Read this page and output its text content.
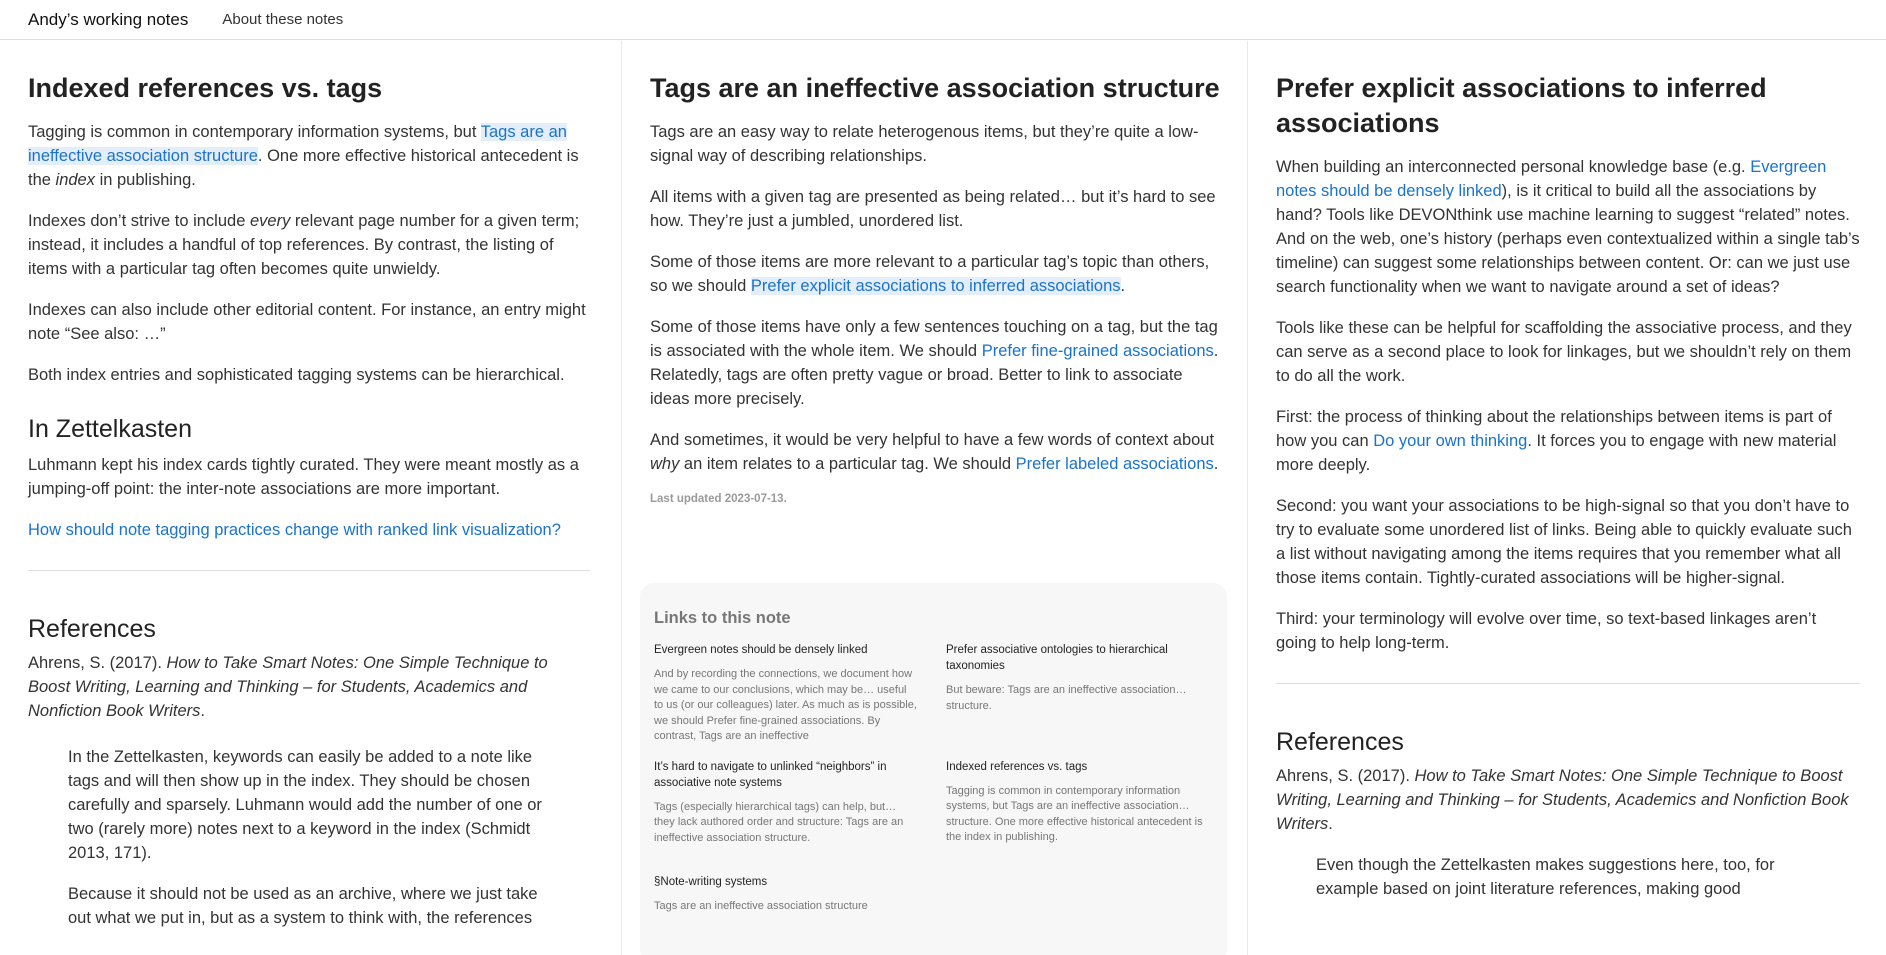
Andy’s working notes About these notes
Indexed references vs. tags

Tagging is common in contemporary information systems, but Tags are an ineffective association structure. One more effective historical antecedent is the index in publishing.

Indexes don’t strive to include every relevant page number for a given term; instead, it includes a handful of top references. By contrast, the listing of items with a particular tag often becomes quite unwieldy.

Indexes can also include other editorial content. For instance, an entry might note “See also: …”

Both index entries and sophisticated tagging systems can be hierarchical.

In Zettelkasten

Luhmann kept his index cards tightly curated. They were meant mostly as a jumping-off point: the inter-note associations are more important.

How should note tagging practices change with ranked link visualization?

References

Ahrens, S. (2017). How to Take Smart Notes: One Simple Technique to Boost Writing, Learning and Thinking – for Students, Academics and Nonfiction Book Writers.

In the Zettelkasten, keywords can easily be added to a note like tags and will then show up in the index. They should be chosen carefully and sparsely. Luhmann would add the number of one or two (rarely more) notes next to a keyword in the index (Schmidt 2013, 171).

Because it should not be used as an archive, where we just take out what we put in, but as a system to think with, the references

Tags are an ineffective association structure

Tags are an easy way to relate heterogenous items, but they’re quite a low-signal way of describing relationships.

All items with a given tag are presented as being related… but it’s hard to see how. They’re just a jumbled, unordered list.

Some of those items are more relevant to a particular tag’s topic than others, so we should Prefer explicit associations to inferred associations.

Some of those items have only a few sentences touching on a tag, but the tag is associated with the whole item. We should Prefer fine-grained associations. Relatedly, tags are often pretty vague or broad. Better to link to associate ideas more precisely.

And sometimes, it would be very helpful to have a few words of context about why an item relates to a particular tag. We should Prefer labeled associations.

Last updated 2023-07-13.
Links to this note
Evergreen notes should be densely linked
And by recording the connections, we document how we came to our conclusions, which may be… useful to us (or our colleagues) later. As much as is possible, we should Prefer fine-grained associations. By contrast, Tags are an ineffective
Prefer associative ontologies to hierarchical taxonomies
But beware: Tags are an ineffective association… structure.
It’s hard to navigate to unlinked “neighbors” in associative note systems
Tags (especially hierarchical tags) can help, but… they lack authored order and structure: Tags are an ineffective association structure.
Indexed references vs. tags
Tagging is common in contemporary information systems, but Tags are an ineffective association… structure. One more effective historical antecedent is the index in publishing.
§Note-writing systems
Tags are an ineffective association structure
Prefer explicit associations to inferred associations

When building an interconnected personal knowledge base (e.g. Evergreen notes should be densely linked), is it critical to build all the associations by hand? Tools like DEVONthink use machine learning to suggest “related” notes. And on the web, one’s history (perhaps even contextualized within a single tab’s timeline) can suggest some relationships between content. Or: can we just use search functionality when we want to navigate around a set of ideas?

Tools like these can be helpful for scaffolding the associative process, and they can serve as a second place to look for linkages, but we shouldn’t rely on them to do all the work.

First: the process of thinking about the relationships between items is part of how you can Do your own thinking. It forces you to engage with new material more deeply.

Second: you want your associations to be high-signal so that you don’t have to try to evaluate some unordered list of links. Being able to quickly evaluate such a list without navigating among the items requires that you remember what all those items contain. Tightly-curated associations will be higher-signal.

Third: your terminology will evolve over time, so text-based linkages aren’t going to help long-term.

References

Ahrens, S. (2017). How to Take Smart Notes: One Simple Technique to Boost Writing, Learning and Thinking – for Students, Academics and Nonfiction Book Writers.

Even though the Zettelkasten makes suggestions here, too, for example based on joint literature references, making good
